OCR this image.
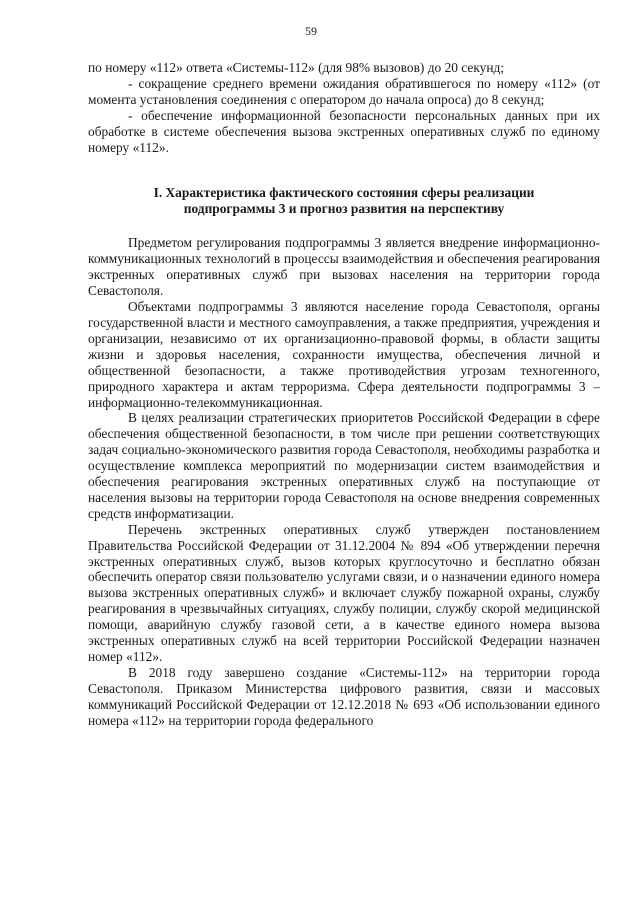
59

по номеру «112» ответа «Системы-112» (для 98% вызовов) до 20 секунд;

- сокращение среднего времени ожидания обратившегося по номеру «112» (от момента установления соединения с оператором до начала опроса) до 8 секунд;

- обеспечение информационной безопасности персональных данных при их обработке в системе обеспечения вызова экстренных оперативных служб по единому номеру «112».

I. Характеристика фактического состояния сферы реализации
подпрограммы 3 и прогноз развития на перспективу

Предметом регулирования подпрограммы 3 является внедрение информационно-коммуникационных технологий в процессы взаимодействия и обеспечения реагирования экстренных оперативных служб при вызовах населения на территории города Севастополя.

Объектами подпрограммы 3 являются население города Севастополя, органы государственной власти и местного самоуправления, а также предприятия, учреждения и организации, независимо от их организационно-правовой формы, в области защиты жизни и здоровья населения, сохранности имущества, обеспечения личной и общественной безопасности, а также противодействия угрозам техногенного, природного характера и актам терроризма. Сфера деятельности подпрограммы 3 – информационно-телекоммуникационная.

В целях реализации стратегических приоритетов Российской Федерации в сфере обеспечения общественной безопасности, в том числе при решении соответствующих задач социально-экономического развития города Севастополя, необходимы разработка и осуществление комплекса мероприятий по модернизации систем взаимодействия и обеспечения реагирования экстренных оперативных служб на поступающие от населения вызовы на территории города Севастополя на основе внедрения современных средств информатизации.

Перечень экстренных оперативных служб утвержден постановлением Правительства Российской Федерации от 31.12.2004 № 894 «Об утверждении перечня экстренных оперативных служб, вызов которых круглосуточно и бесплатно обязан обеспечить оператор связи пользователю услугами связи, и о назначении единого номера вызова экстренных оперативных служб» и включает службу пожарной охраны, службу реагирования в чрезвычайных ситуациях, службу полиции, службу скорой медицинской помощи, аварийную службу газовой сети, а в качестве единого номера вызова экстренных оперативных служб на всей территории Российской Федерации назначен номер «112».

В 2018 году завершено создание «Системы-112» на территории города Севастополя. Приказом Министерства цифрового развития, связи и массовых коммуникаций Российской Федерации от 12.12.2018 № 693 «Об использовании единого номера «112» на территории города федерального
